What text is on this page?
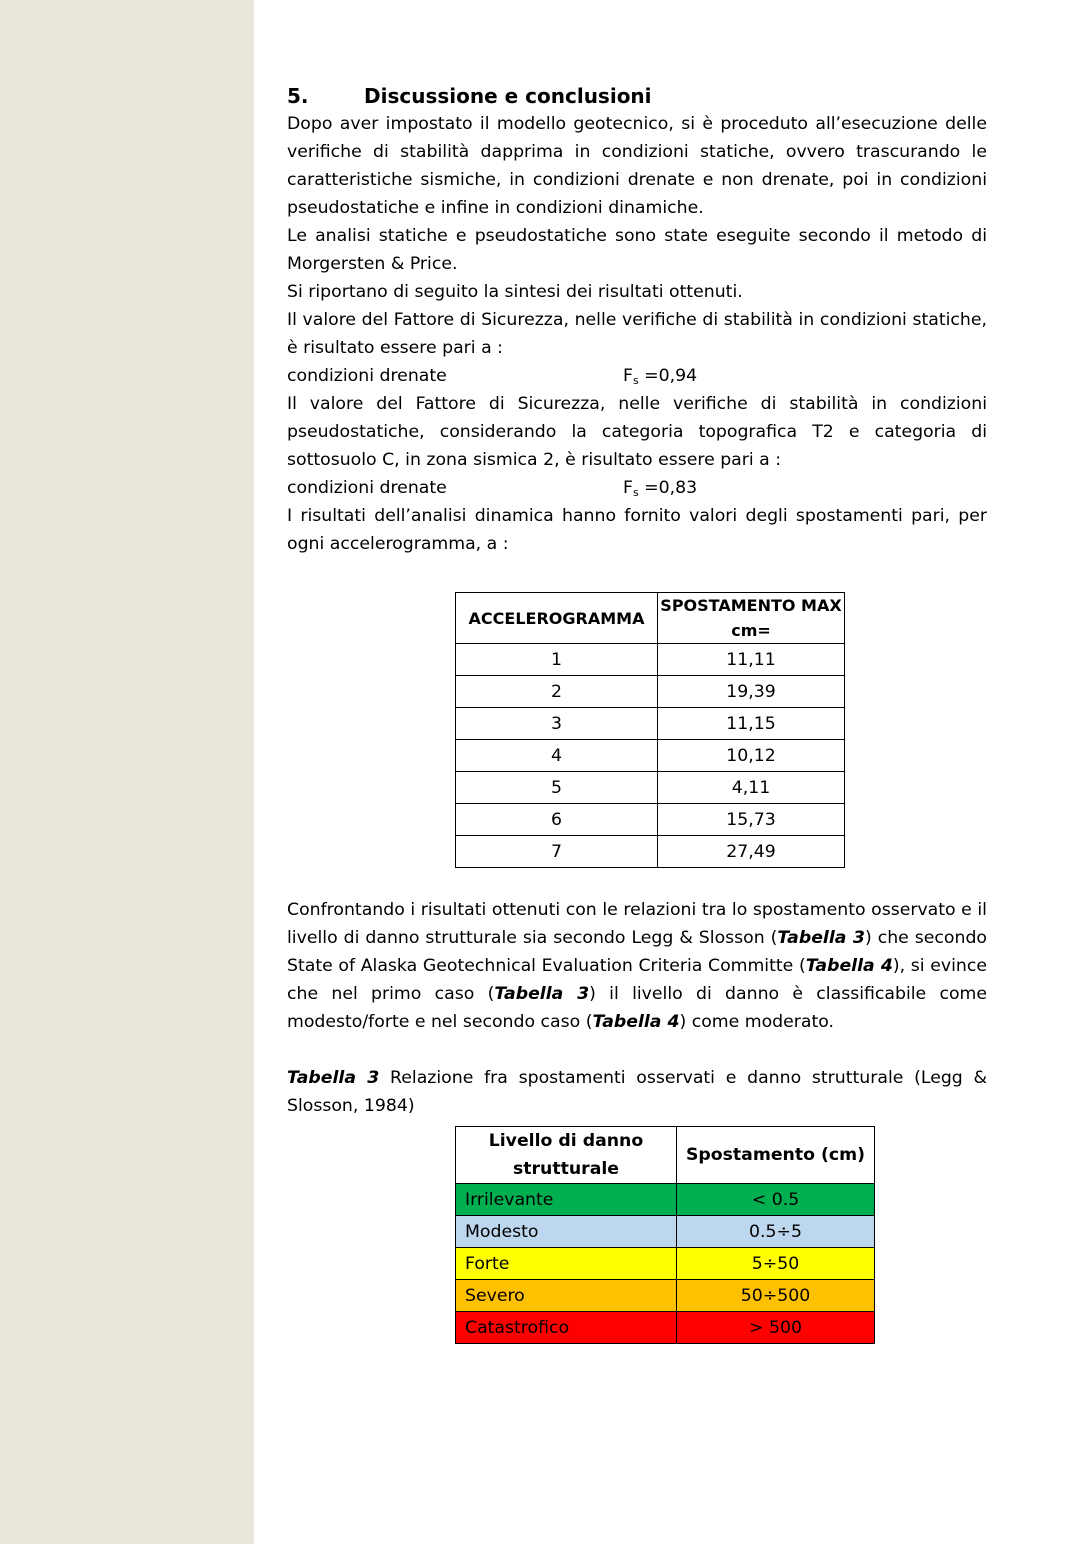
5.	Discussione e conclusioni

Dopo aver impostato il modello geotecnico, si è proceduto all’esecuzione delle verifiche di stabilità dapprima in condizioni statiche, ovvero trascurando le caratteristiche sismiche, in condizioni drenate e non drenate, poi in condizioni pseudostatiche e infine in condizioni dinamiche.

Le analisi statiche e pseudostatiche sono state eseguite secondo il metodo di Morgersten & Price.

Si riportano di seguito la sintesi dei risultati ottenuti.

Il valore del Fattore di Sicurezza, nelle verifiche di stabilità in condizioni statiche, è risultato essere pari a :

condizioni drenate	$F_s =0,94$

Il valore del Fattore di Sicurezza, nelle verifiche di stabilità in condizioni pseudostatiche, considerando la categoria topografica T2 e categoria di sottosuolo C, in zona sismica 2, è risultato essere pari a :

condizioni drenate	$F_s =0,83$

I risultati dell’analisi dinamica hanno fornito valori degli spostamenti pari, per ogni accelerogramma, a :

ACCELEROGRAMMA	SPOSTAMENTO MAX cm=
1	11,11
2	19,39
3	11,15
4	10,12
5	4,11
6	15,73
7	27,49

Confrontando i risultati ottenuti con le relazioni tra lo spostamento osservato e il livello di danno strutturale sia secondo Legg & Slosson (Tabella 3) che secondo State of Alaska Geotechnical Evaluation Criteria Committe (Tabella 4), si evince che nel primo caso (Tabella 3) il livello di danno è classificabile come modesto/forte e nel secondo caso (Tabella 4) come moderato.

Tabella 3 Relazione fra spostamenti osservati e danno strutturale (Legg & Slosson, 1984)

Livello di danno strutturale	Spostamento (cm)
Irrilevante	< 0.5
Modesto	0.5÷5
Forte	5÷50
Severo	50÷500
Catastrofico	> 500
